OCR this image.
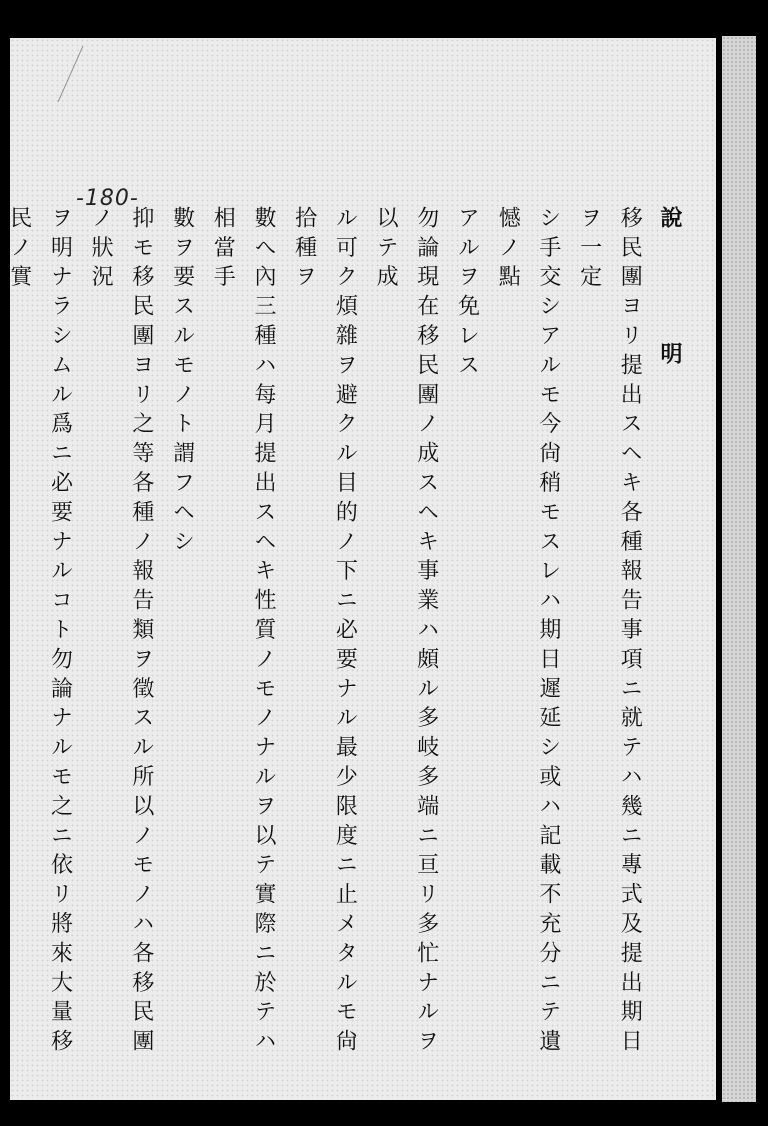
-180-
說　明
移民團ヨリ提出スヘキ各種報告事項ニ就テハ幾ニ專式及提出期日ヲ一定
シ手交シアルモ今尙稍モスレハ期日遲延シ或ハ記載不充分ニテ遺憾ノ點
アルヲ免レス
勿論現在移民團ノ成スヘキ事業ハ頗ル多岐多端ニ亘リ多忙ナルヲ以テ成
ル可ク煩雜ヲ避クル目的ノ下ニ必要ナル最少限度ニ止メタルモ尙拾種ヲ
數へ內三種ハ每月提出スヘキ性質ノモノナルヲ以テ實際ニ於テハ相當手
數ヲ要スルモノト謂フヘシ
抑モ移民團ヨリ之等各種ノ報告類ヲ徵スル所以ノモノハ各移民團ノ狀況
ヲ明ナラシムル爲ニ必要ナルコト勿論ナルモ之ニ依リ將來大量移民ノ實
